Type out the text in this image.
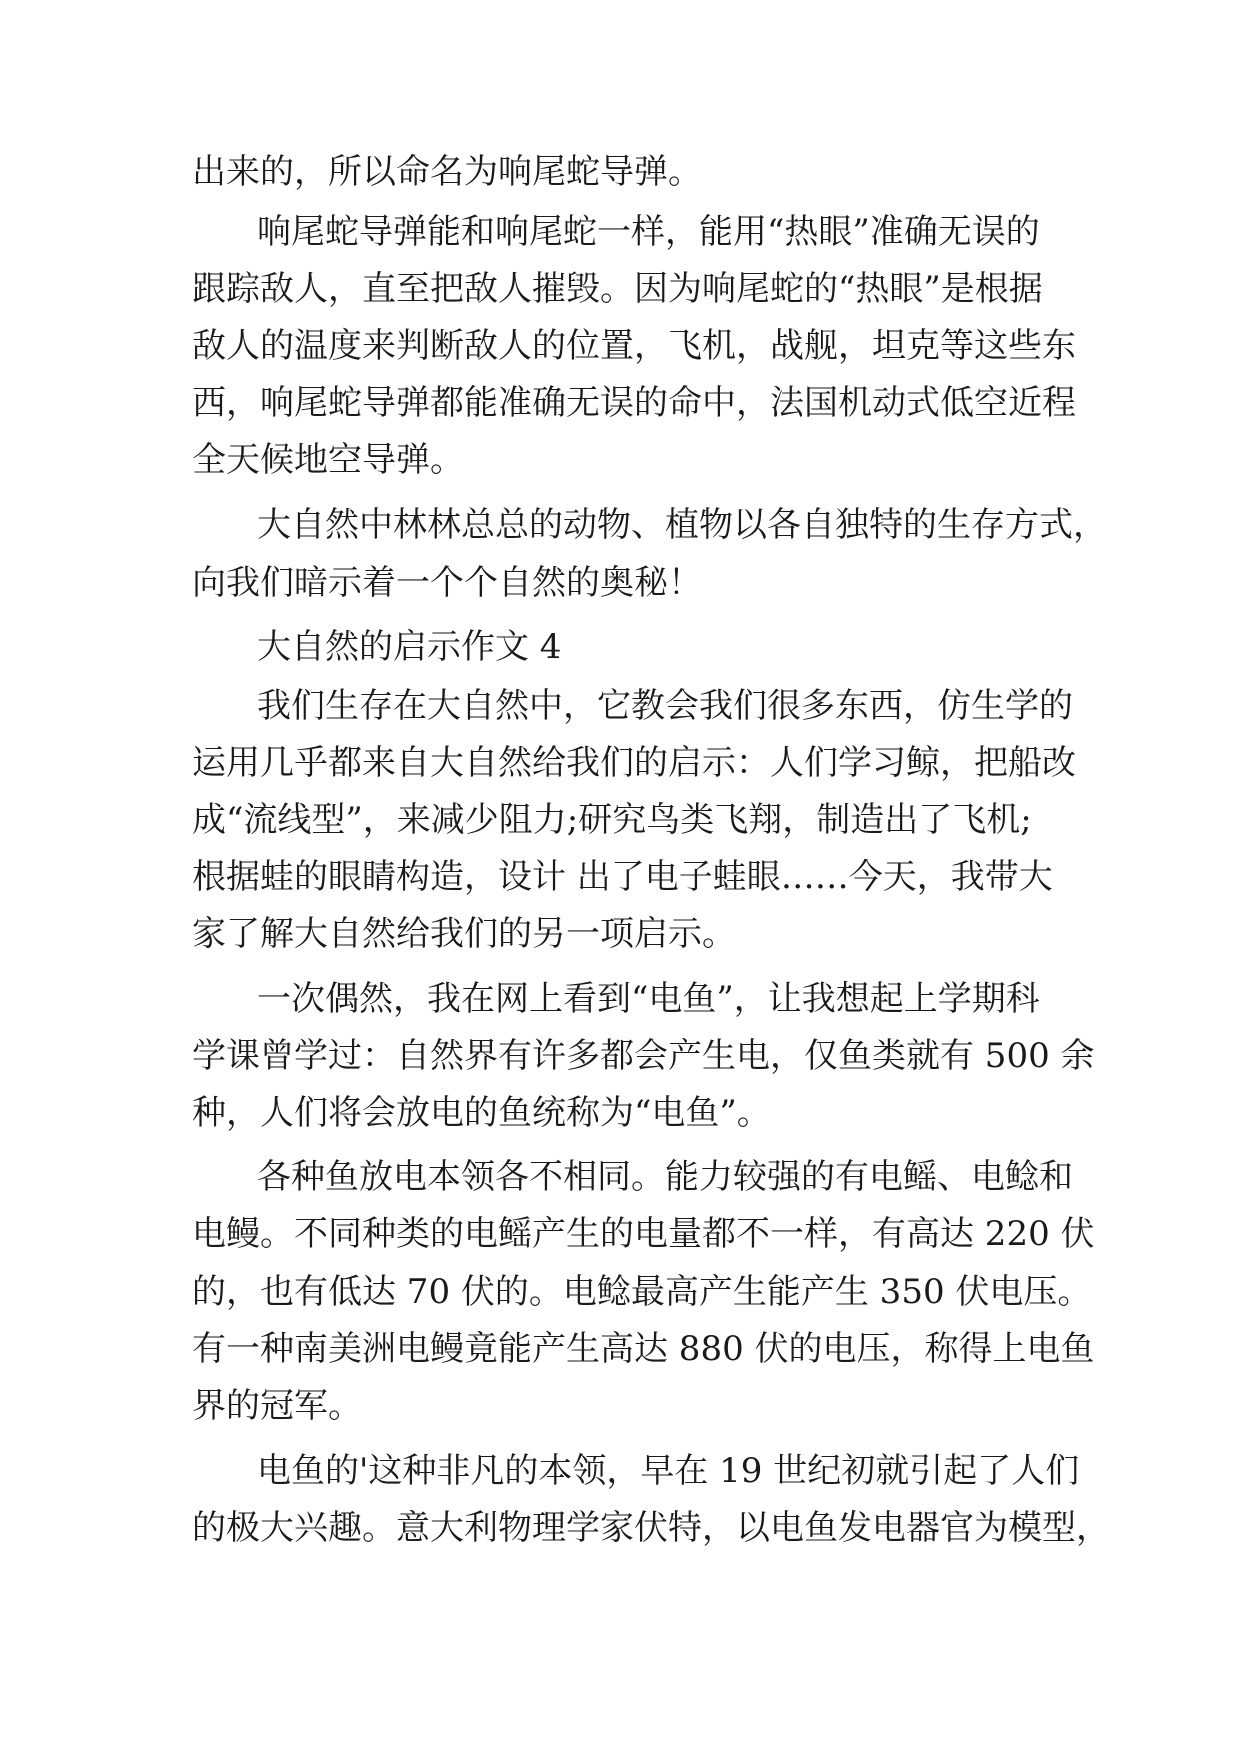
出来的，所以命名为响尾蛇导弹。
响尾蛇导弹能和响尾蛇一样，能用“热眼”准确无误的
跟踪敌人，直至把敌人摧毁。因为响尾蛇的“热眼”是根据
敌人的温度来判断敌人的位置，飞机，战舰，坦克等这些东
西，响尾蛇导弹都能准确无误的命中，法国机动式低空近程
全天候地空导弹。
大自然中林林总总的动物、植物以各自独特的生存方式，
向我们暗示着一个个自然的奥秘！
大自然的启示作文 4
我们生存在大自然中，它教会我们很多东西，仿生学的
运用几乎都来自大自然给我们的启示：人们学习鲸，把船改
成“流线型”，来减少阻力;研究鸟类飞翔，制造出了飞机;
根据蛙的眼睛构造，设计 出了电子蛙眼……今天，我带大
家了解大自然给我们的另一项启示。
一次偶然，我在网上看到“电鱼”，让我想起上学期科
学课曾学过：自然界有许多都会产生电，仅鱼类就有 500 余
种，人们将会放电的鱼统称为“电鱼”。
各种鱼放电本领各不相同。能力较强的有电鳐、电鲶和
电鳗。不同种类的电鳐产生的电量都不一样，有高达 220 伏
的，也有低达 70 伏的。电鲶最高产生能产生 350 伏电压。
有一种南美洲电鳗竟能产生高达 880 伏的电压，称得上电鱼
界的冠军。
电鱼的'这种非凡的本领，早在 19 世纪初就引起了人们
的极大兴趣。意大利物理学家伏特，以电鱼发电器官为模型，
